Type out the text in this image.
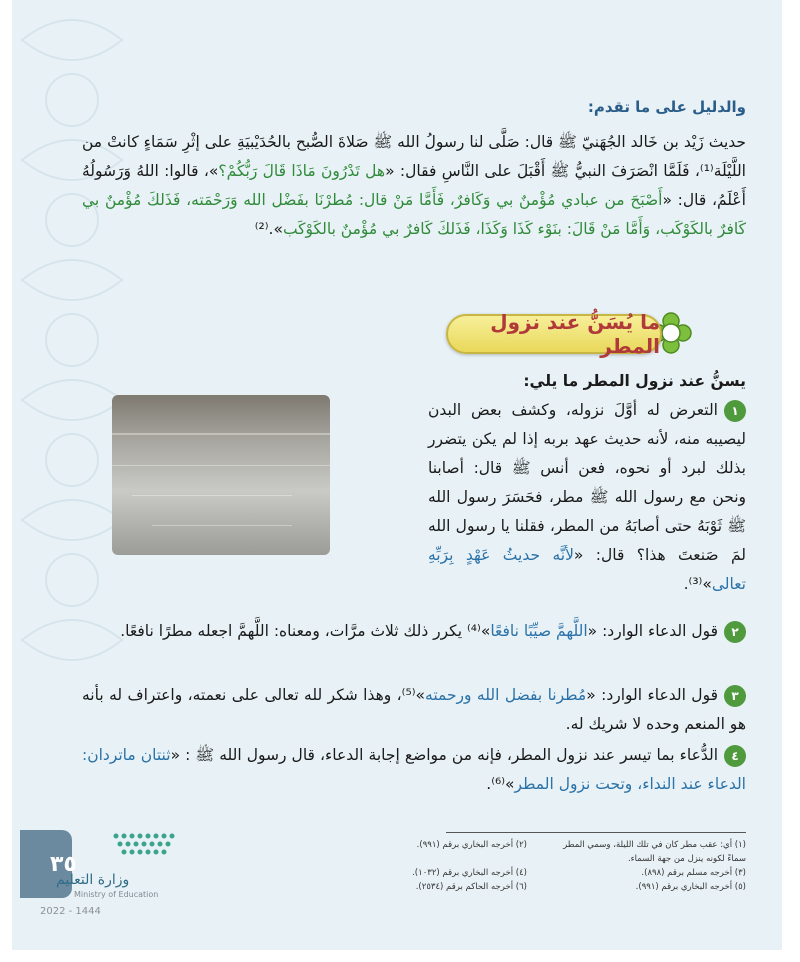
والدليل على ما تقدم:
حديث زَيْد بن خَالد الجُهَنيّ ﷺ قال: صَلَّى لنا رسولُ الله ﷺ صَلاةَ الصُّبح بالحُدَيْبيَةِ على إثْرِ سَمَاءٍ كانتْ من اللَّيْلَة⁽¹⁾، فَلَمَّا انْصَرَفَ النبيُّ ﷺ أَقْبَلَ على النَّاسِ فقال: «هل تَدْرُونَ مَاذَا قَالَ رَبُّكُمْ؟»، قالوا: اللهُ وَرَسُولُهُ أَعْلَمُ، قال: «أَصْبَحَ من عبادي مُؤْمنٌ بي وَكَافرٌ، فَأَمَّا مَنْ قال: مُطرْنَا بفَضْل الله وَرَحْمَته، فَذَلكَ مُؤْمنٌ بي كَافرٌ بالكَوْكَب، وَأَمَّا مَنْ قَالَ: بنَوْء كَذَا وَكَذَا، فَذَلكَ كَافرٌ بي مُؤْمنٌ بالكَوْكَب».⁽²⁾
ما يُسَنُّ عند نزول المطر
يسنُّ عند نزول المطر ما يلي:
١التعرض له أوَّلَ نزوله، وكشف بعض البدن ليصيبه منه، لأنه حديث عهد بربه إذا لم يكن يتضرر بذلك لبرد أو نحوه، فعن أنس ﷺ قال: أصابنا ونحن مع رسول الله ﷺ مطر، فحَسَرَ رسول الله ﷺ ثَوْبَهُ حتى أصابَهُ من المطر، فقلنا يا رسول الله لمَ صَنعتَ هذا؟ قال: «لأنَّه حديثُ عَهْدٍ بِرَبِّهِ تعالى»⁽³⁾.
٢قول الدعاء الوارد: «اللَّهمَّ صيِّبًا نافعًا»⁽⁴⁾ يكرر ذلك ثلاث مرَّات، ومعناه: اللَّهمَّ اجعله مطرًا نافعًا.
٣قول الدعاء الوارد: «مُطرنا بفضل الله ورحمته»⁽⁵⁾، وهذا شكر لله تعالى على نعمته، واعتراف له بأنه هو المنعم وحده لا شريك له.
٤الدُّعاء بما تيسر عند نزول المطر، فإنه من مواضع إجابة الدعاء، قال رسول الله ﷺ : «ثنتان ماتردان: الدعاء عند النداء، وتحت نزول المطر»⁽⁶⁾.
(١) أي: عقب مطر كان في تلك الليلة، وسمي المطر سماءً لكونه ينزل من جهة السماء.
(٢) أخرجه البخاري برقم (٩٩١).
(٣) أخرجه مسلم برقم (٨٩٨).
(٤) أخرجه البخاري برقم (١٠٣٢).
(٥) أخرجه البخاري برقم (٩٩١).
(٦) أخرجه الحاكم برقم (٢٥٣٤).
٣٥
وزارة التعليم
Ministry of Education
2022 - 1444
